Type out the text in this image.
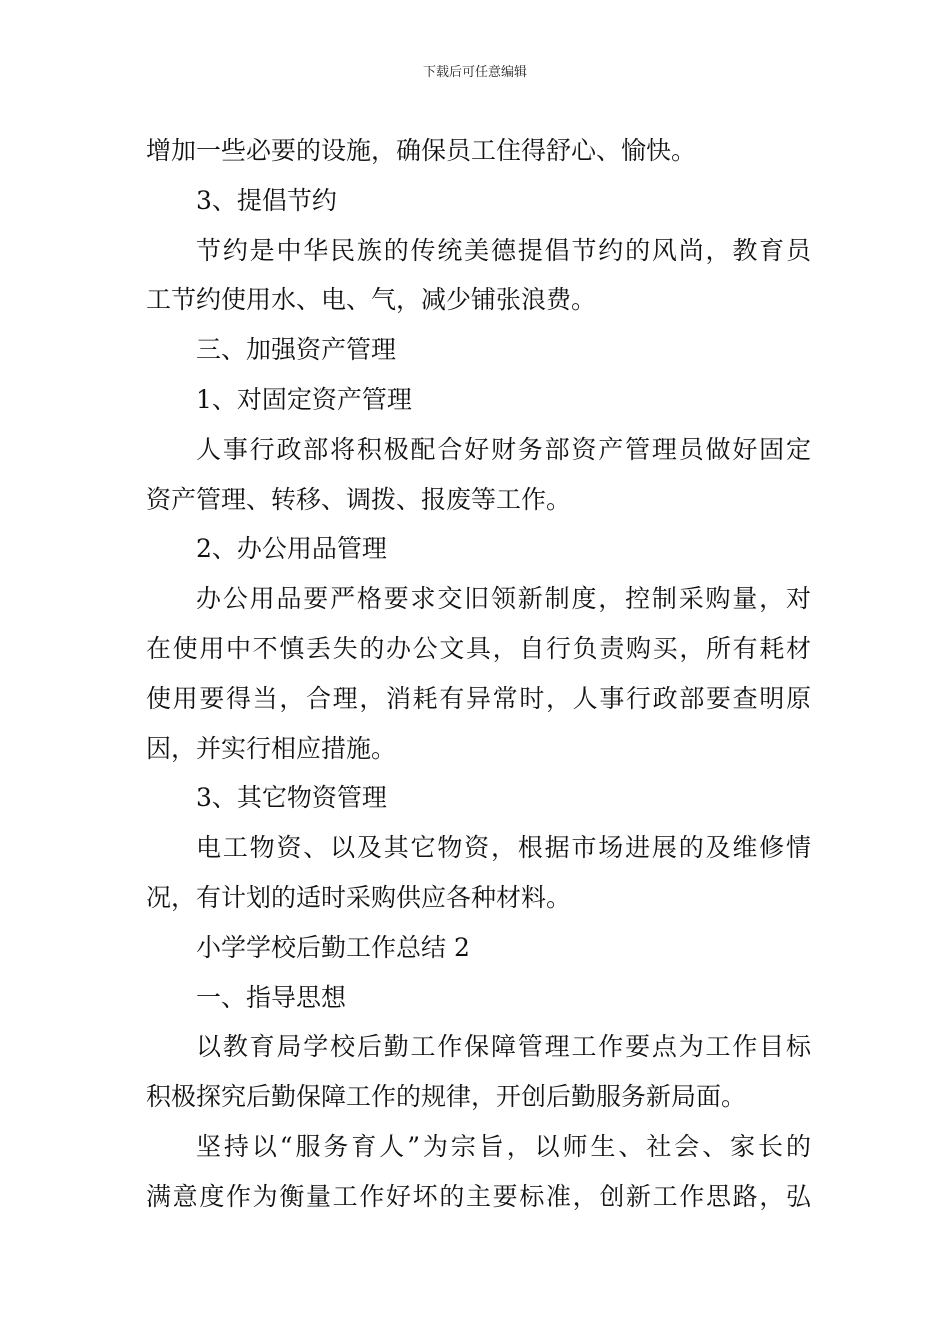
下载后可任意编辑
增加一些必要的设施，确保员工住得舒心、愉快。
3、提倡节约
节约是中华民族的传统美德提倡节约的风尚，教育员
工节约使用水、电、气，减少铺张浪费。
三、加强资产管理
1、对固定资产管理
人事行政部将积极配合好财务部资产管理员做好固定
资产管理、转移、调拨、报废等工作。
2、办公用品管理
办公用品要严格要求交旧领新制度，控制采购量，对
在使用中不慎丢失的办公文具，自行负责购买，所有耗材
使用要得当，合理，消耗有异常时，人事行政部要查明原
因，并实行相应措施。
3、其它物资管理
电工物资、以及其它物资，根据市场进展的及维修情
况，有计划的适时采购供应各种材料。
小学学校后勤工作总结 2
一、指导思想
以教育局学校后勤工作保障管理工作要点为工作目标
积极探究后勤保障工作的规律，开创后勤服务新局面。
坚持以“服务育人”为宗旨，以师生、社会、家长的
满意度作为衡量工作好坏的主要标准，创新工作思路，弘
